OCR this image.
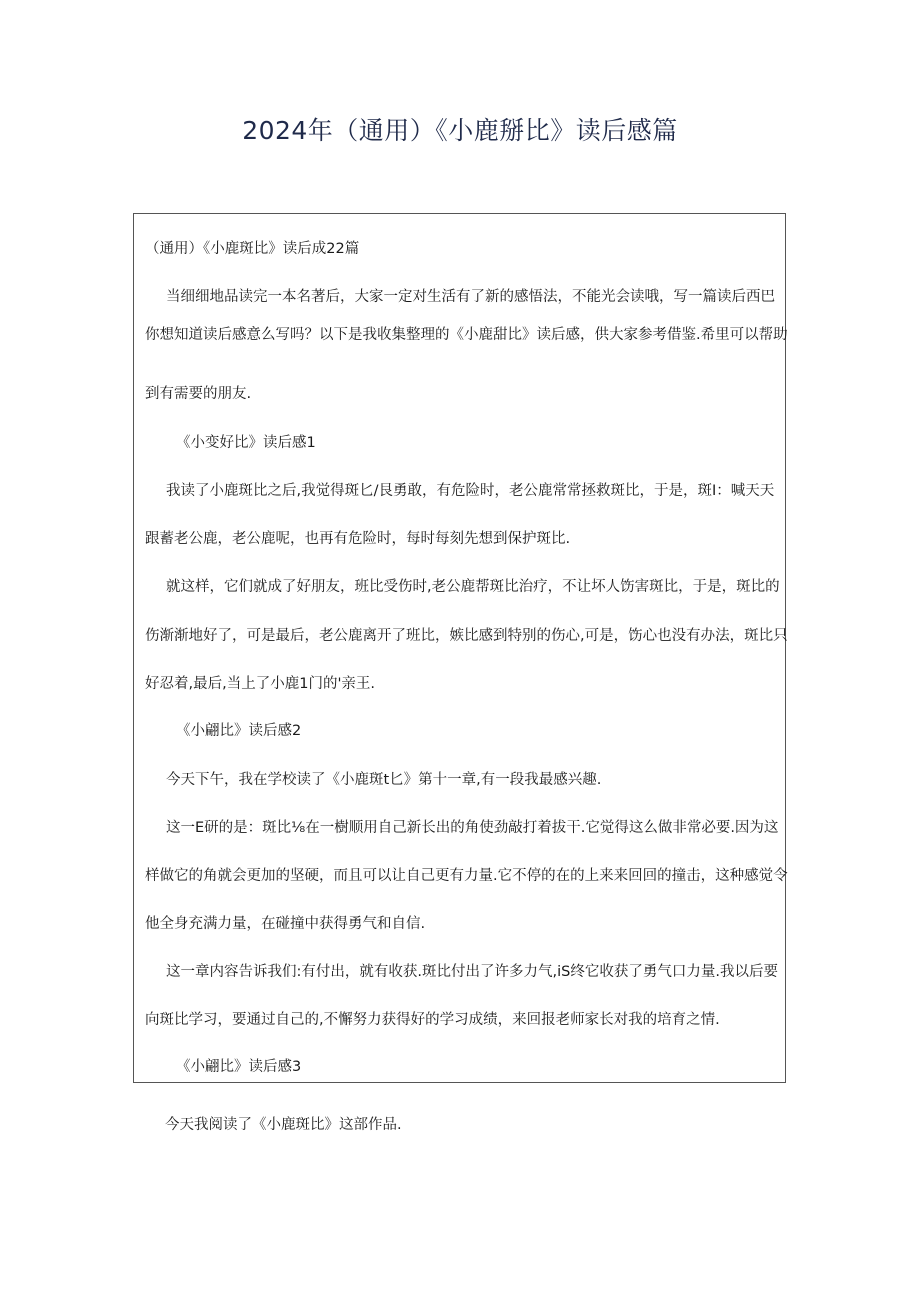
2024年（通用）《小鹿掰比》读后感篇
（通用）《小鹿斑比》读后成22篇
当细细地品读完一本名著后，大家一定对生活有了新的感悟法，不能光会读哦，写一篇读后西巴
你想知道读后感意么写吗？以下是我收集整理的《小鹿甜比》读后感，供大家参考借鉴.希里可以帮助
到有需要的朋友.
《小变好比》读后感1
我读了小鹿斑比之后,我觉得斑匕/艮勇敢，有危险时，老公鹿常常拯救斑比，于是，斑I：喊天天
跟蓄老公鹿，老公鹿呢，也再有危险时，每时每刻先想到保护斑比.
就这样，它们就成了好朋友，班比受伤时,老公鹿帮斑比治疗，不让坏人饬害斑比，于是，斑比的
伤渐渐地好了，可是最后，老公鹿离开了班比，嫉比感到特别的伤心,可是，饬心也没有办法，斑比只
好忍着,最后,当上了小鹿1门的'亲王.
《小翩比》读后感2
今天下午，我在学校读了《小鹿斑t匕》第十一章,有一段我最感兴趣.
这一E研的是：斑比⅛在一樹顺用自己新长出的角使劲敲打着拔干.它觉得这么做非常必要.因为这
样做它的角就会更加的坚硬，而且可以让自己更有力量.它不停的在的上来来回回的撞击，这种感觉令
他全身充满力量，在碰撞中获得勇气和自信.
这一章内容告诉我们:有付出，就有收获.斑比付出了许多力气,iS终它收获了勇气口力量.我以后要
向斑比学习，要通过自己的,不懈努力获得好的学习成绩，来回报老师家长对我的培育之情.
《小翩比》读后感3
今天我阅读了《小鹿斑比》这部作品.
